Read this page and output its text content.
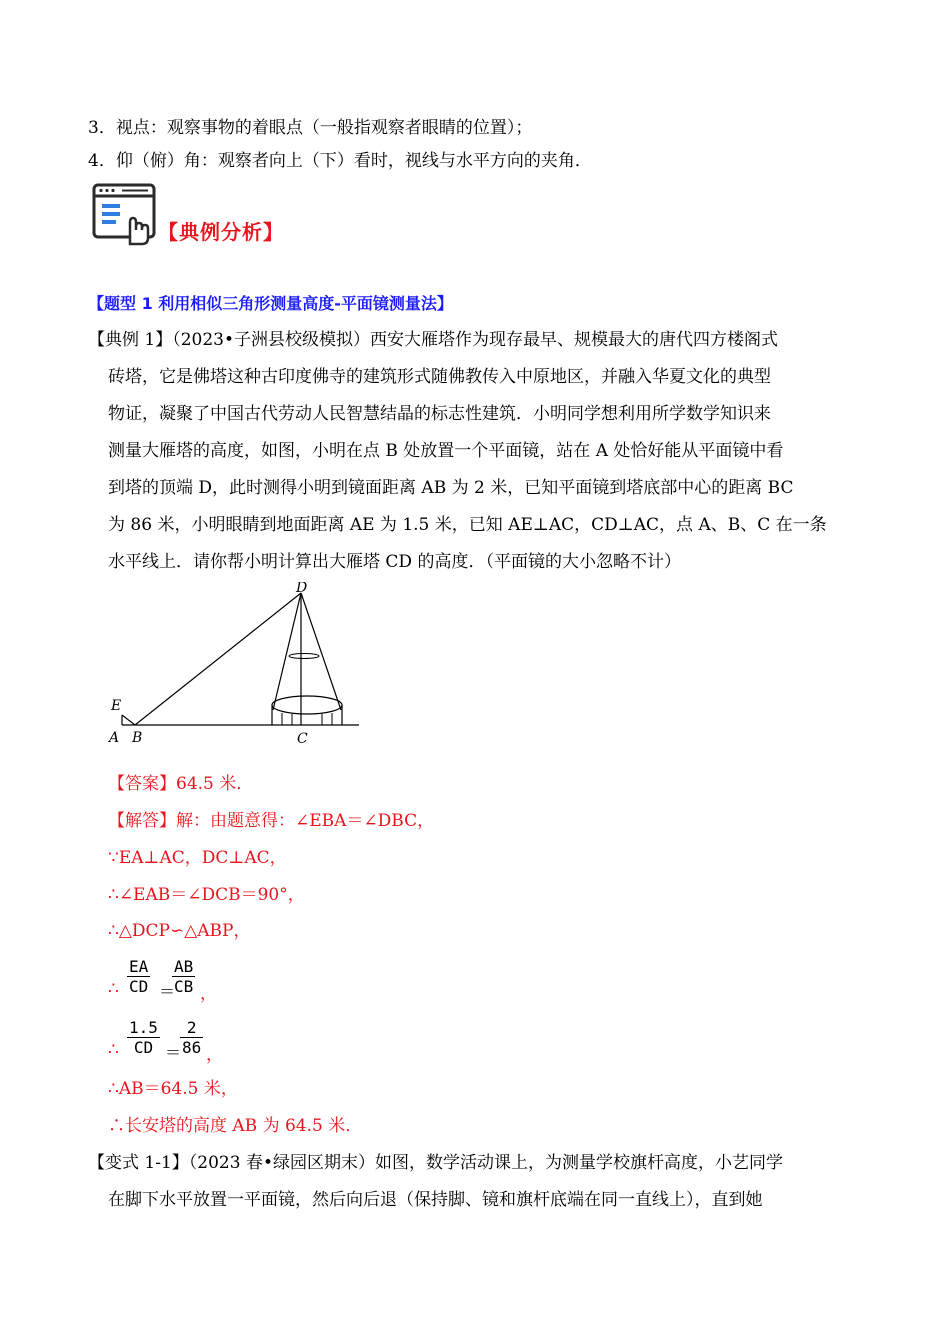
3．视点：观察事物的着眼点（一般指观察者眼睛的位置）；
4．仰（俯）角：观察者向上（下）看时，视线与水平方向的夹角．
【典例分析】
【题型 1 利用相似三角形测量高度-平面镜测量法】
【典例 1】（2023•子洲县校级模拟）西安大雁塔作为现存最早、规模最大的唐代四方楼阁式
砖塔，它是佛塔这种古印度佛寺的建筑形式随佛教传入中原地区，并融入华夏文化的典型
物证，凝聚了中国古代劳动人民智慧结晶的标志性建筑．小明同学想利用所学数学知识来
测量大雁塔的高度，如图，小明在点 B 处放置一个平面镜，站在 A 处恰好能从平面镜中看
到塔的顶端 D，此时测得小明到镜面距离 AB 为 2 米，已知平面镜到塔底部中心的距离 BC
为 86 米，小明眼睛到地面距离 AE 为 1.5 米，已知 AE⊥AC，CD⊥AC，点 A、B、C 在一条
水平线上．请你帮小明计算出大雁塔 CD 的高度．（平面镜的大小忽略不计）
D
E
A B	C
【答案】64.5 米．
【解答】解：由题意得：∠EBA＝∠DBC，
∵EA⊥AC，DC⊥AC，
∴∠EAB＝∠DCB＝90°，
∴△DCP∽△ABP，
∴ $\frac{EA}{CD}$ ＝
$\frac{AB}{CB}$ ，
∴ $\frac{1.5}{CD}$ ＝
$\frac{2}{86}$ ，
∴AB＝64.5 米，
∴长安塔的高度 AB 为 64.5 米．
【变式 1-1】（2023 春•绿园区期末）如图，数学活动课上，为测量学校旗杆高度，小艺同学
在脚下水平放置一平面镜，然后向后退（保持脚、镜和旗杆底端在同一直线上），直到她
